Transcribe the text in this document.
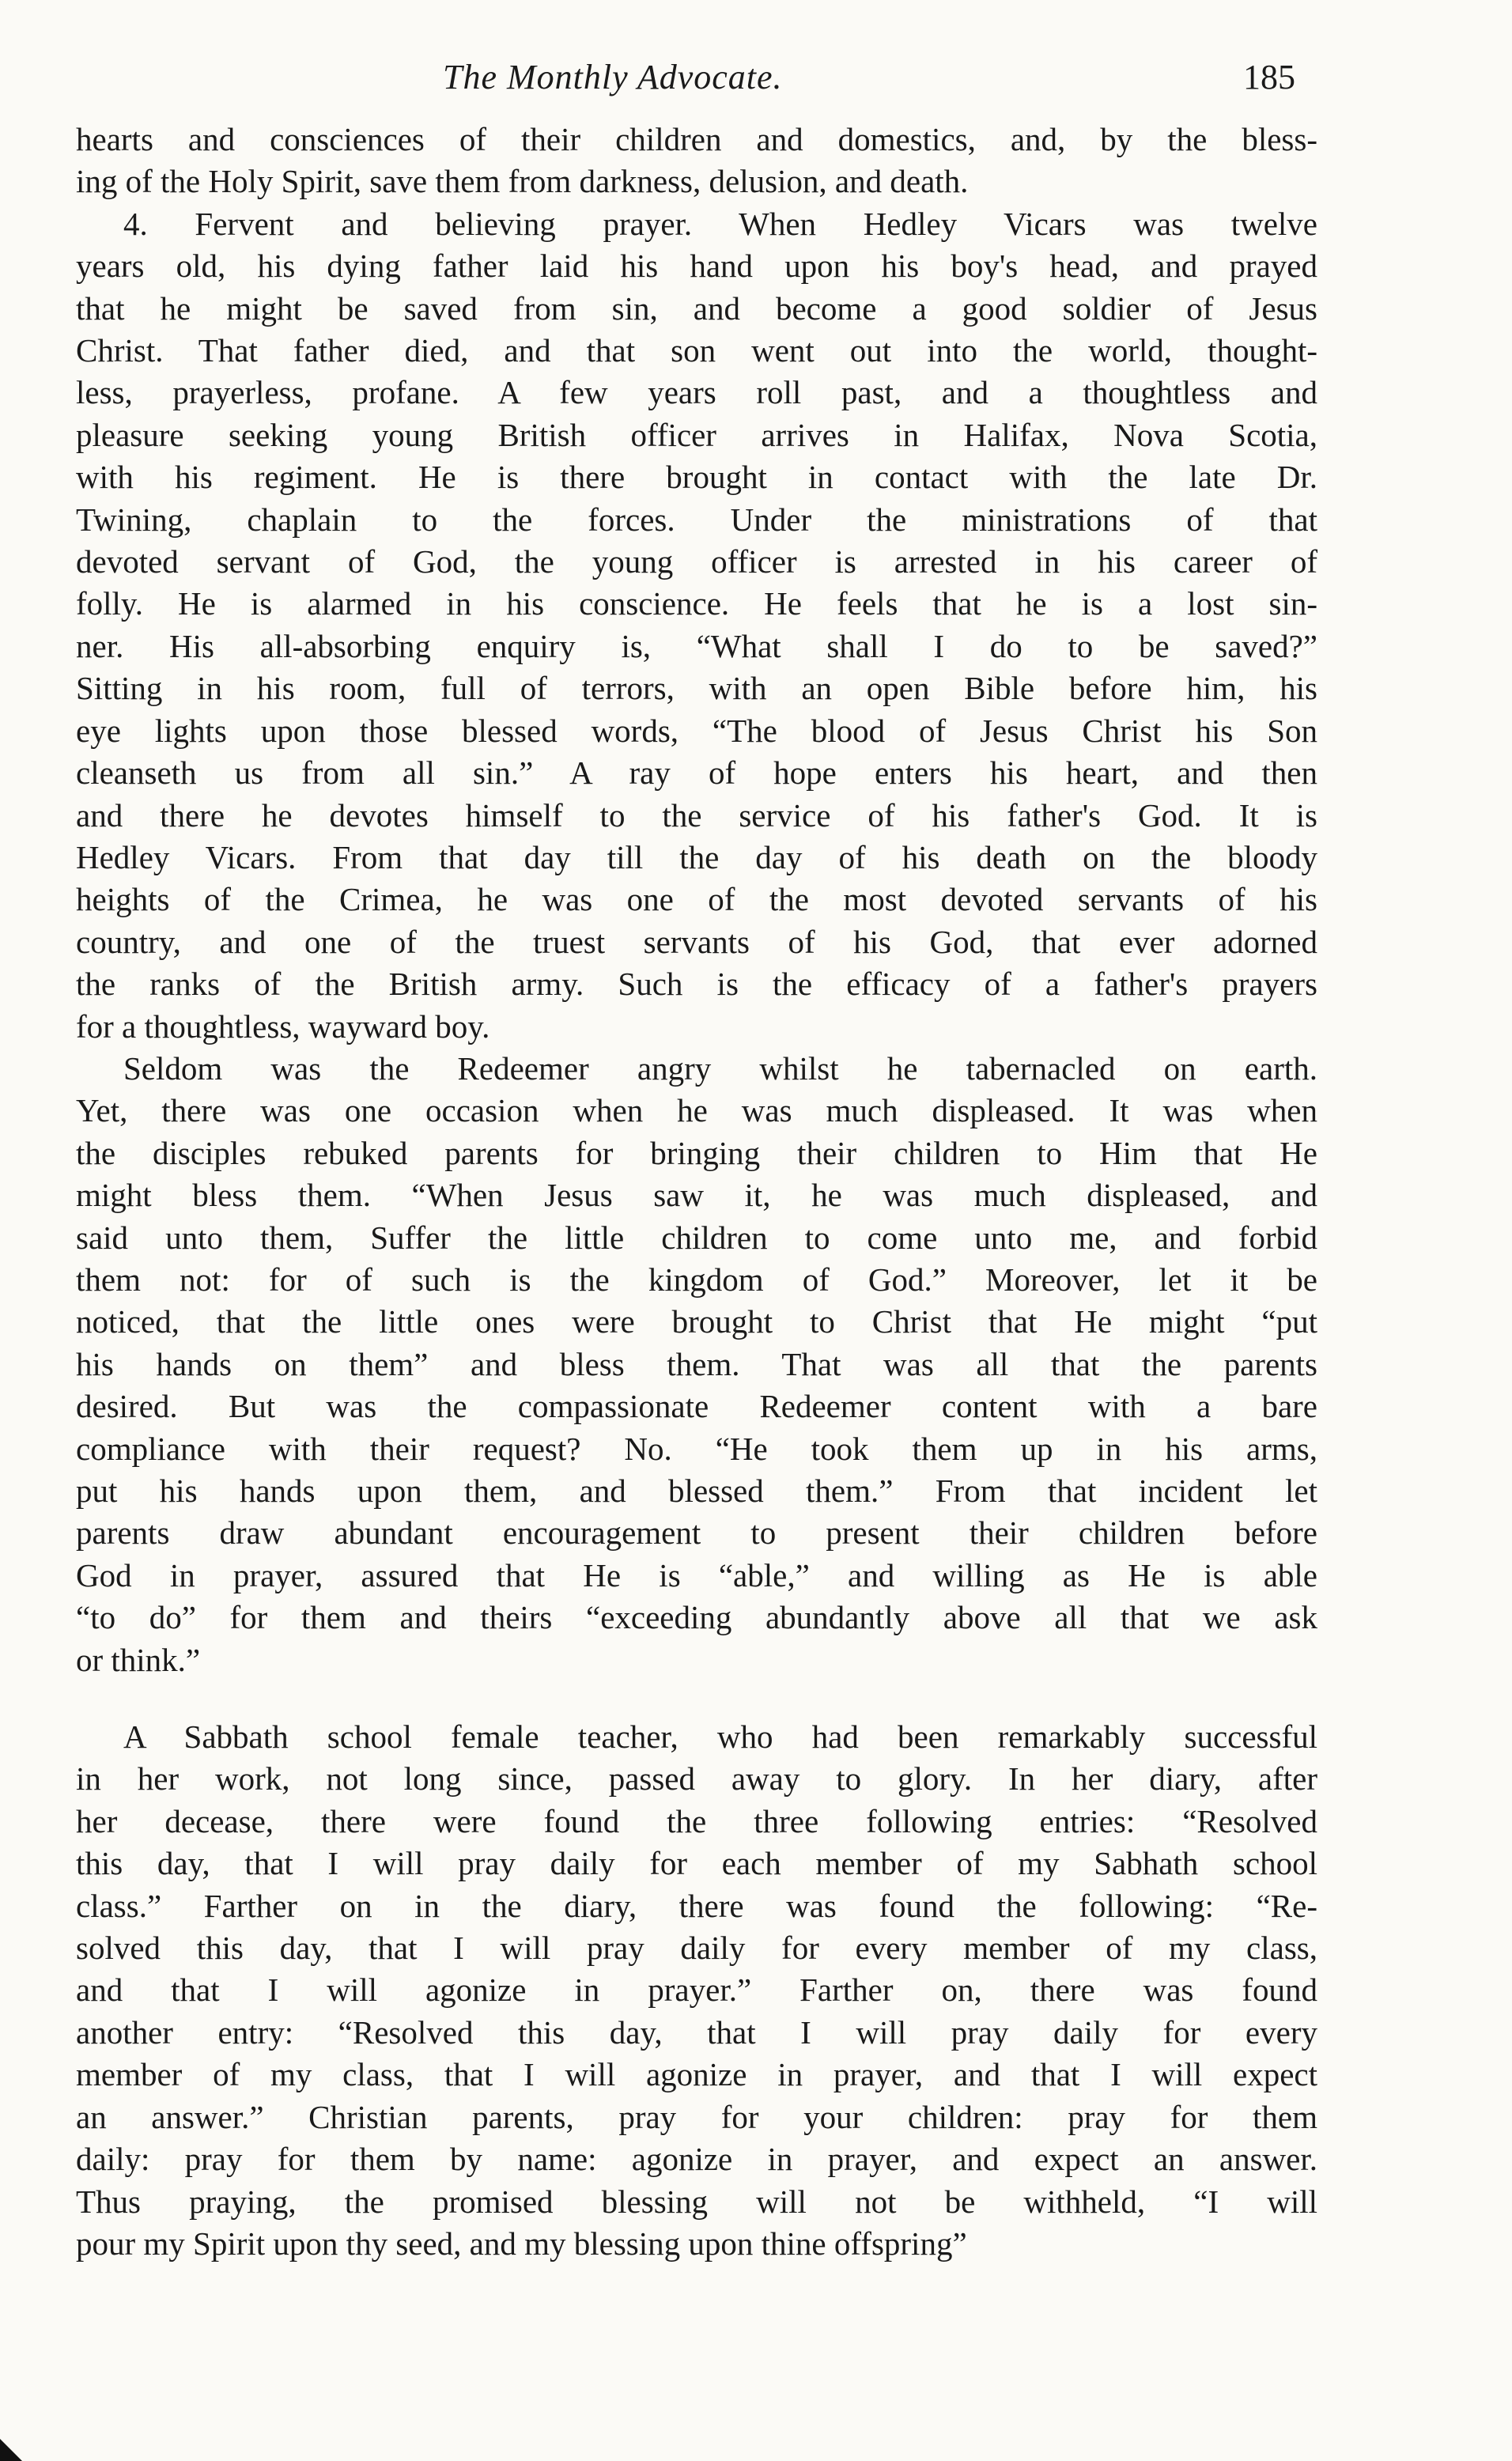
The Monthly Advocate.	185
hearts and consciences of their children and domestics, and, by the bless-
ing of the Holy Spirit, save them from darkness, delusion, and death.
4. Fervent and believing prayer. When Hedley Vicars was twelve
years old, his dying father laid his hand upon his boy's head, and prayed
that he might be saved from sin, and become a good soldier of Jesus
Christ. That father died, and that son went out into the world, thought-
less, prayerless, profane. A few years roll past, and a thoughtless and
pleasure seeking young British officer arrives in Halifax, Nova Scotia,
with his regiment. He is there brought in contact with the late Dr.
Twining, chaplain to the forces. Under the ministrations of that
devoted servant of God, the young officer is arrested in his career of
folly. He is alarmed in his conscience. He feels that he is a lost sin-
ner. His all-absorbing enquiry is, “What shall I do to be saved?”
Sitting in his room, full of terrors, with an open Bible before him, his
eye lights upon those blessed words, “The blood of Jesus Christ his Son
cleanseth us from all sin.” A ray of hope enters his heart, and then
and there he devotes himself to the service of his father's God. It is
Hedley Vicars. From that day till the day of his death on the bloody
heights of the Crimea, he was one of the most devoted servants of his
country, and one of the truest servants of his God, that ever adorned
the ranks of the British army. Such is the efficacy of a father's prayers
for a thoughtless, wayward boy.
Seldom was the Redeemer angry whilst he tabernacled on earth.
Yet, there was one occasion when he was much displeased. It was when
the disciples rebuked parents for bringing their children to Him that He
might bless them. “When Jesus saw it, he was much displeased, and
said unto them, Suffer the little children to come unto me, and forbid
them not: for of such is the kingdom of God.” Moreover, let it be
noticed, that the little ones were brought to Christ that He might “put
his hands on them” and bless them. That was all that the parents
desired. But was the compassionate Redeemer content with a bare
compliance with their request? No. “He took them up in his arms,
put his hands upon them, and blessed them.” From that incident let
parents draw abundant encouragement to present their children before
God in prayer, assured that He is “able,” and willing as He is able
“to do” for them and theirs “exceeding abundantly above all that we ask
or think.”
A Sabbath school female teacher, who had been remarkably successful
in her work, not long since, passed away to glory. In her diary, after
her decease, there were found the three following entries: “Resolved
this day, that I will pray daily for each member of my Sabhath school
class.” Farther on in the diary, there was found the following: “Re-
solved this day, that I will pray daily for every member of my class,
and that I will agonize in prayer.” Farther on, there was found
another entry: “Resolved this day, that I will pray daily for every
member of my class, that I will agonize in prayer, and that I will expect
an answer.” Christian parents, pray for your children: pray for them
daily: pray for them by name: agonize in prayer, and expect an answer.
Thus praying, the promised blessing will not be withheld, “I will
pour my Spirit upon thy seed, and my blessing upon thine offspring”
